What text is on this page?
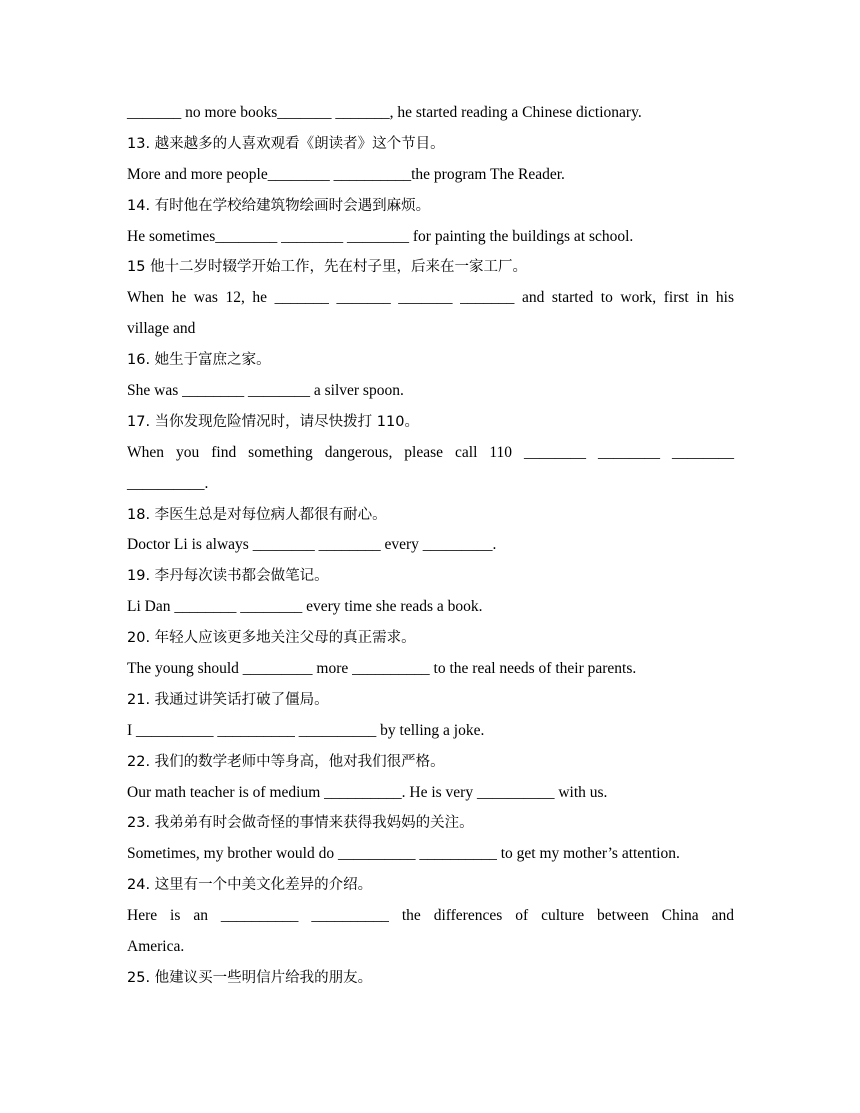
_______ no more books_______ _______, he started reading a Chinese dictionary.
13. 越来越多的人喜欢观看《朗读者》这个节目。
More and more people________ __________the program The Reader.
14. 有时他在学校给建筑物绘画时会遇到麻烦。
He sometimes________ ________ ________ for painting the buildings at school.
15 他十二岁时辍学开始工作，先在村子里，后来在一家工厂。
When he was 12, he _______ _______ _______ _______ and started to work, first in his
village and
16. 她生于富庶之家。
She was ________ ________ a silver spoon.
17. 当你发现危险情况时，请尽快拨打 110。
When you find something dangerous, please call 110 ________ ________ ________
__________.
18. 李医生总是对每位病人都很有耐心。
Doctor Li is always ________ ________ every _________.
19. 李丹每次读书都会做笔记。
Li Dan ________ ________ every time she reads a book.
20. 年轻人应该更多地关注父母的真正需求。
The young should _________ more __________ to the real needs of their parents.
21. 我通过讲笑话打破了僵局。
I __________ __________ __________ by telling a joke.
22. 我们的数学老师中等身高，他对我们很严格。
Our math teacher is of medium __________. He is very __________ with us.
23. 我弟弟有时会做奇怪的事情来获得我妈妈的关注。
Sometimes, my brother would do __________ __________ to get my mother’s attention.
24. 这里有一个中美文化差异的介绍。
Here is an __________ __________ the differences of culture between China and
America.
25. 他建议买一些明信片给我的朋友。
